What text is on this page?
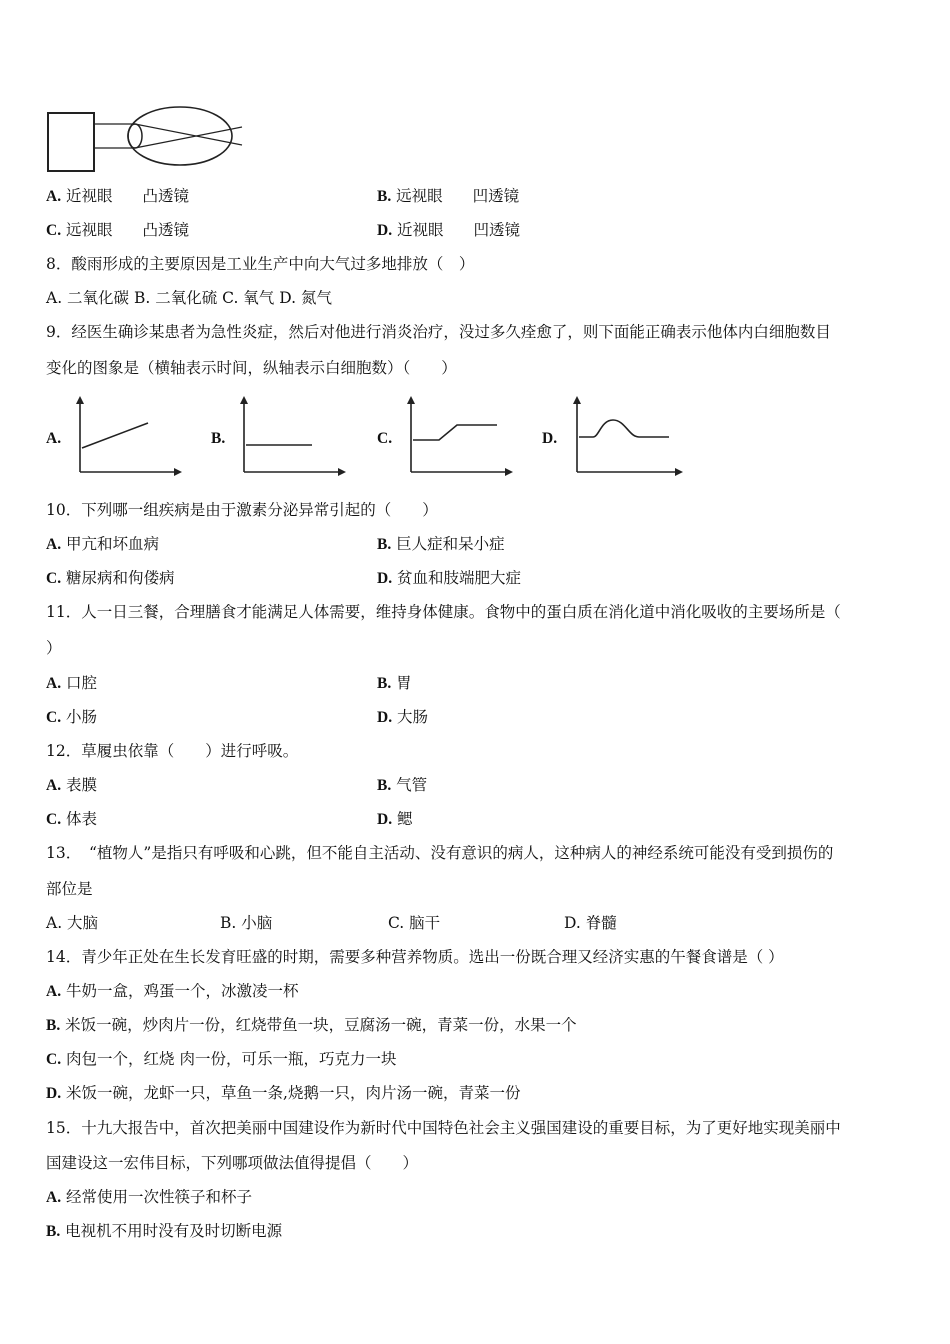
A. 近视眼 凸透镜	B. 远视眼 凹透镜
C. 远视眼 凸透镜	D. 近视眼 凹透镜
8．酸雨形成的主要原因是工业生产中向大气过多地排放（　）
A. 二氧化碳 B. 二氧化硫 C. 氧气 D. 氮气
9．经医生确诊某患者为急性炎症，然后对他进行消炎治疗，没过多久痊愈了，则下面能正确表示他体内白细胞数目
变化的图象是（横轴表示时间，纵轴表示白细胞数）（　　）
A.	B.	C.	D.
10．下列哪一组疾病是由于激素分泌异常引起的（　　）
A. 甲亢和坏血病	B. 巨人症和呆小症
C. 糖尿病和佝偻病	D. 贫血和肢端肥大症
11．人一日三餐，合理膳食才能满足人体需要，维持身体健康。食物中的蛋白质在消化道中消化吸收的主要场所是（
）
A. 口腔	B. 胃
C. 小肠	D. 大肠
12．草履虫依靠（　　）进行呼吸。
A. 表膜	B. 气管
C. 体表	D. 鳃
13．　“植物人”是指只有呼吸和心跳，但不能自主活动、没有意识的病人，这种病人的神经系统可能没有受到损伤的
部位是
A. 大脑	B. 小脑	C. 脑干	D. 脊髓
14．青少年正处在生长发育旺盛的时期，需要多种营养物质。选出一份既合理又经济实惠的午餐食谱是（ ）
A. 牛奶一盒，鸡蛋一个，冰激凌一杯
B. 米饭一碗，炒肉片一份，红烧带鱼一块，豆腐汤一碗，青菜一份，水果一个
C. 肉包一个，红烧 肉一份，可乐一瓶，巧克力一块
D. 米饭一碗，龙虾一只，草鱼一条,烧鹅一只，肉片汤一碗，青菜一份
15．十九大报告中，首次把美丽中国建设作为新时代中国特色社会主义强国建设的重要目标，为了更好地实现美丽中
国建设这一宏伟目标，下列哪项做法值得提倡（　　）
A. 经常使用一次性筷子和杯子
B. 电视机不用时没有及时切断电源
